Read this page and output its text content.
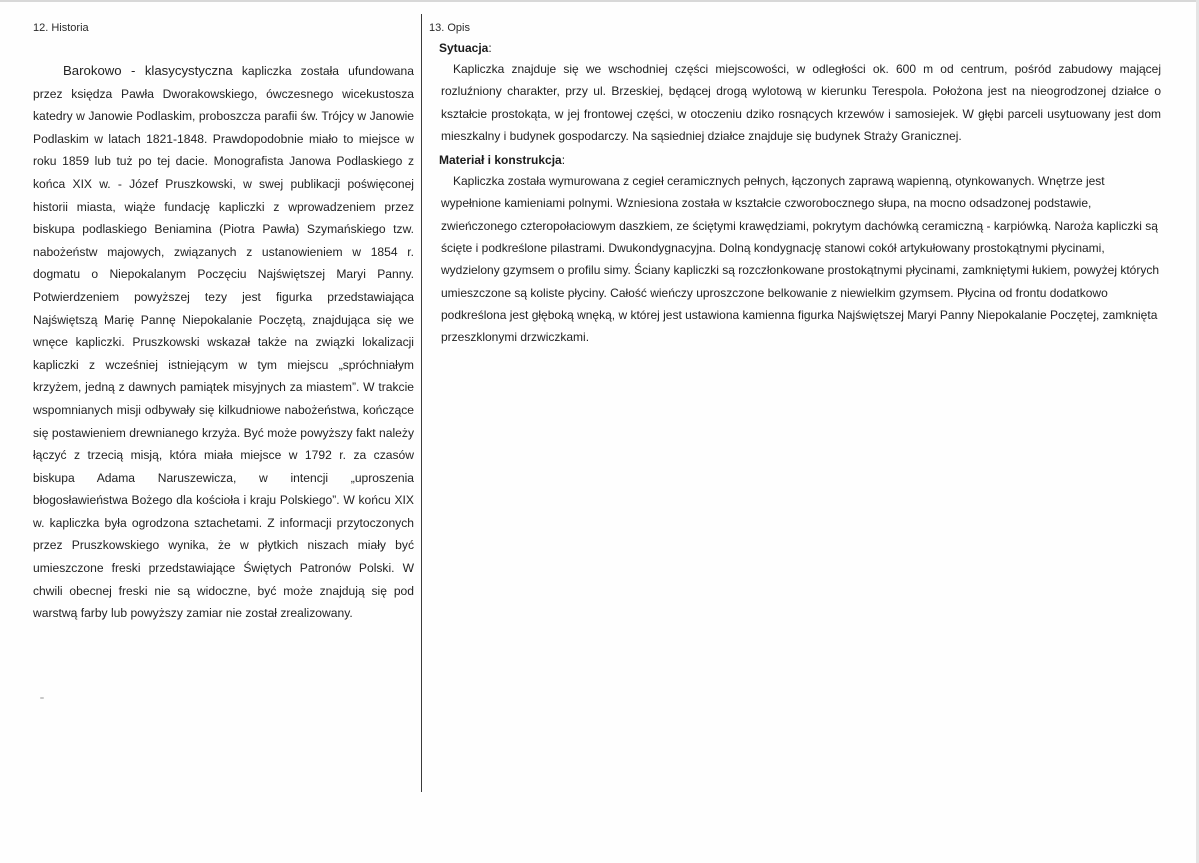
12. Historia

Barokowo - klasycystyczna kapliczka została ufundowana przez księdza Pawła Dworakowskiego, ówczesnego wicekustosza katedry w Janowie Podlaskim, proboszcza parafii św. Trójcy w Janowie Podlaskim w latach 1821-1848. Prawdopodobnie miało to miejsce w roku 1859 lub tuż po tej dacie. Monografista Janowa Podlaskiego z końca XIX w. - Józef Pruszkowski, w swej publikacji poświęconej historii miasta, wiąże fundację kapliczki z wprowadzeniem przez biskupa podlaskiego Beniamina (Piotra Pawła) Szymańskiego tzw. nabożeństw majowych, związanych z ustanowieniem w 1854 r. dogmatu o Niepokalanym Poczęciu Najświętszej Maryi Panny. Potwierdzeniem powyższej tezy jest figurka przedstawiająca Najświętszą Marię Pannę Niepokalanie Poczętą, znajdująca się we wnęce kapliczki. Pruszkowski wskazał także na związki lokalizacji kapliczki z wcześniej istniejącym w tym miejscu „spróchniałym krzyżem, jedną z dawnych pamiątek misyjnych za miastem”. W trakcie wspomnianych misji odbywały się kilkudniowe nabożeństwa, kończące się postawieniem drewnianego krzyża. Być może powyższy fakt należy łączyć z trzecią misją, która miała miejsce w 1792 r. za czasów biskupa Adama Naruszewicza, w intencji „uproszenia błogosławieństwa Bożego dla kościoła i kraju Polskiego”. W końcu XIX w. kapliczka była ogrodzona sztachetami. Z informacji przytoczonych przez Pruszkowskiego wynika, że w płytkich niszach miały być umieszczone freski przedstawiające Świętych Patronów Polski. W chwili obecnej freski nie są widoczne, być może znajdują się pod warstwą farby lub powyższy zamiar nie został zrealizowany.

13. Opis

Sytuacja:

Kapliczka znajduje się we wschodniej części miejscowości, w odległości ok. 600 m od centrum, pośród zabudowy mającej rozluźniony charakter, przy ul. Brzeskiej, będącej drogą wylotową w kierunku Terespola. Położona jest na nieogrodzonej działce o kształcie prostokąta, w jej frontowej części, w otoczeniu dziko rosnących krzewów i samosiejek. W głębi parceli usytuowany jest dom mieszkalny i budynek gospodarczy. Na sąsiedniej działce znajduje się budynek Straży Granicznej.

Materiał i konstrukcja:

Kapliczka została wymurowana z cegieł ceramicznych pełnych, łączonych zaprawą wapienną, otynkowanych. Wnętrze jest wypełnione kamieniami polnymi. Wzniesiona została w kształcie czworobocznego słupa, na mocno odsadzonej podstawie, zwieńczonego czteropołaciowym daszkiem, ze ściętymi krawędziami, pokrytym dachówką ceramiczną - karpiówką. Naroża kapliczki są ścięte i podkreślone pilastrami. Dwukondygnacyjna. Dolną kondygnację stanowi cokół artykułowany prostokątnymi płycinami, wydzielony gzymsem o profilu simy. Ściany kapliczki są rozczłonkowane prostokątnymi płycinami, zamkniętymi łukiem, powyżej których umieszczone są koliste płyciny. Całość wieńczy uproszczone belkowanie z niewielkim gzymsem. Płycina od frontu dodatkowo podkreślona jest głęboką wnęką, w której jest ustawiona kamienna figurka Najświętszej Maryi Panny Niepokalanie Poczętej, zamknięta przeszklonymi drzwiczkami.
